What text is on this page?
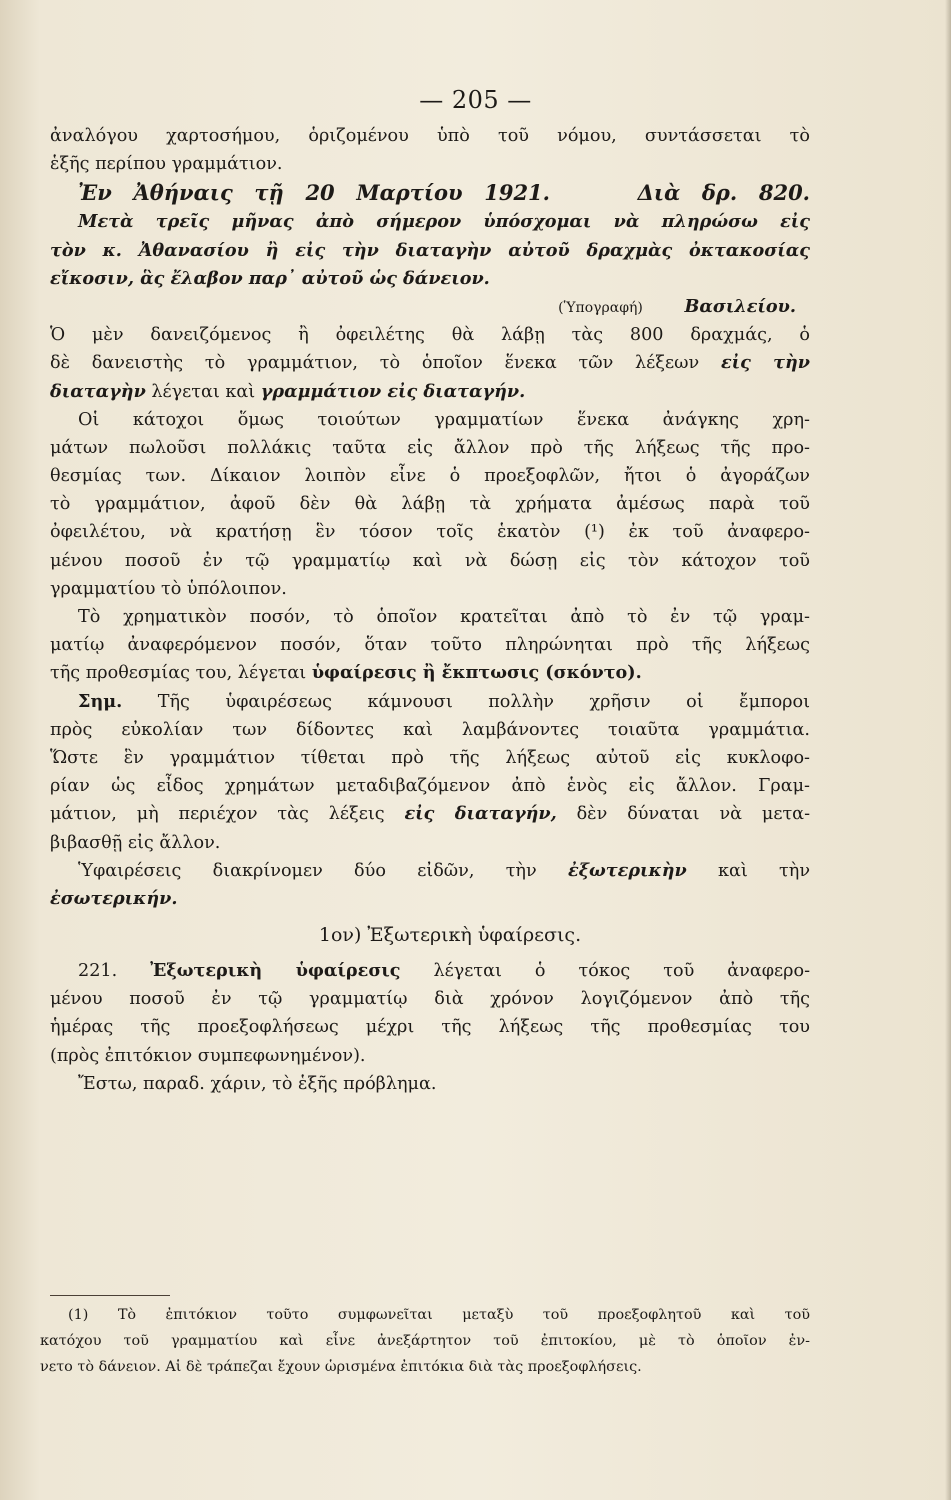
— 205 —
ἀναλόγου χαρτοσήμου, ὁριζομένου ὑπὸ τοῦ νόμου, συντάσσεται τὸ
ἑξῆς περίπου γραμμάτιον.
Ἐν Ἀθήναις τῇ 20 Μαρτίου 1921.	Διὰ δρ. 820.
Μετὰ τρεῖς μῆνας ἀπὸ σήμερον ὑπόσχομαι νὰ πληρώσω εἰς
τὸν κ. Ἀθανασίου ἢ εἰς τὴν διαταγὴν αὐτοῦ δραχμὰς ὀκτακοσίας
εἴκοσιν, ἃς ἔλαβον παρ᾿ αὐτοῦ ὡς δάνειον.
(Ὑπογραφή) Βασιλείου.
Ὁ μὲν δανειζόμενος ἢ ὀφειλέτης θὰ λάβῃ τὰς 800 δραχμάς, ὁ
δὲ δανειστὴς τὸ γραμμάτιον, τὸ ὁποῖον ἕνεκα τῶν λέξεων εἰς τὴν
διαταγὴν λέγεται καὶ γραμμάτιον εἰς διαταγήν.
Οἱ κάτοχοι ὅμως τοιούτων γραμματίων ἕνεκα ἀνάγκης χρη-
μάτων πωλοῦσι πολλάκις ταῦτα εἰς ἄλλον πρὸ τῆς λήξεως τῆς προ-
θεσμίας των. Δίκαιον λοιπὸν εἶνε ὁ προεξοφλῶν, ἤτοι ὁ ἀγοράζων
τὸ γραμμάτιον, ἀφοῦ δὲν θὰ λάβῃ τὰ χρήματα ἀμέσως παρὰ τοῦ
ὀφειλέτου, νὰ κρατήσῃ ἓν τόσον τοῖς ἑκατὸν (¹) ἐκ τοῦ ἀναφερο-
μένου ποσοῦ ἐν τῷ γραμματίῳ καὶ νὰ δώσῃ εἰς τὸν κάτοχον τοῦ
γραμματίου τὸ ὑπόλοιπον.
Τὸ χρηματικὸν ποσόν, τὸ ὁποῖον κρατεῖται ἀπὸ τὸ ἐν τῷ γραμ-
ματίῳ ἀναφερόμενον ποσόν, ὅταν τοῦτο πληρώνηται πρὸ τῆς λήξεως
τῆς προθεσμίας του, λέγεται ὑφαίρεσις ἢ ἔκπτωσις (σκόντο).
Σημ. Τῆς ὑφαιρέσεως κάμνουσι πολλὴν χρῆσιν οἱ ἔμποροι
πρὸς εὐκολίαν των δίδοντες καὶ λαμβάνοντες τοιαῦτα γραμμάτια.
Ὥστε ἓν γραμμάτιον τίθεται πρὸ τῆς λήξεως αὐτοῦ εἰς κυκλοφο-
ρίαν ὡς εἶδος χρημάτων μεταδιβαζόμενον ἀπὸ ἑνὸς εἰς ἄλλον. Γραμ-
μάτιον, μὴ περιέχον τὰς λέξεις εἰς διαταγήν, δὲν δύναται νὰ μετα-
βιβασθῇ εἰς ἄλλον.
Ὑφαιρέσεις διακρίνομεν δύο εἰδῶν, τὴν ἐξωτερικὴν καὶ τὴν
ἐσωτερικήν.
1ον) Ἐξωτερικὴ ὑφαίρεσις.
221. Ἐξωτερικὴ ὑφαίρεσις λέγεται ὁ τόκος τοῦ ἀναφερο-
μένου ποσοῦ ἐν τῷ γραμματίῳ διὰ χρόνον λογιζόμενον ἀπὸ τῆς
ἡμέρας τῆς προεξοφλήσεως μέχρι τῆς λήξεως τῆς προθεσμίας του
(πρὸς ἐπιτόκιον συμπεφωνημένον).
Ἔστω, παραδ. χάριν, τὸ ἑξῆς πρόβλημα.
(1) Τὸ ἐπιτόκιον τοῦτο συμφωνεῖται μεταξὺ τοῦ προεξοφλητοῦ καὶ τοῦ
κατόχου τοῦ γραμματίου καὶ εἶνε ἀνεξάρτητον τοῦ ἐπιτοκίου, μὲ τὸ ὁποῖον ἐν-
νετο τὸ δάνειον. Αἱ δὲ τράπεζαι ἔχουν ὡρισμένα ἐπιτόκια διὰ τὰς προεξοφλήσεις.
